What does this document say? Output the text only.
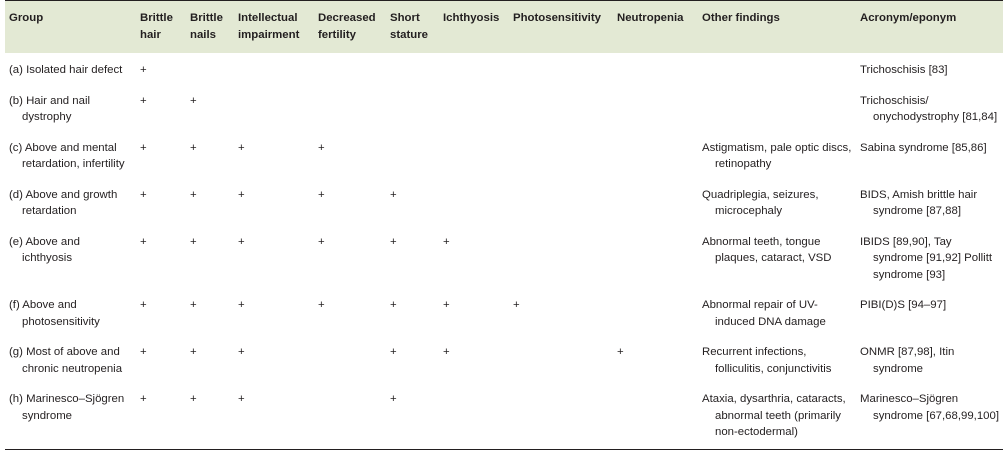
Group	Brittle hair	Brittle nails	Intellectual impairment	Decreased fertility	Short stature	Ichthyosis	Photosensitivity	Neutropenia	Other findings	Acronym/eponym

(a) Isolated hair defect	+									Trichoschisis [83]

(b) Hair and nail dystrophy	+	+								Trichoschisis/ onychodystrophy [81,84]

(c) Above and mental retardation, infertility	+	+	+	+					Astigmatism, pale optic discs, retinopathy	Sabina syndrome [85,86]

(d) Above and growth retardation	+	+	+	+	+				Quadriplegia, seizures, microcephaly	BIDS, Amish brittle hair syndrome [87,88]

(e) Above and ichthyosis	+	+	+	+	+	+			Abnormal teeth, tongue plaques, cataract, VSD	IBIDS [89,90], Tay syndrome [91,92] Pollitt syndrome [93]

(f) Above and photosensitivity	+	+	+	+	+	+	+		Abnormal repair of UV-induced DNA damage	PIBI(D)S [94–97]

(g) Most of above and chronic neutropenia	+	+	+		+	+		+	Recurrent infections, folliculitis, conjunctivitis	ONMR [87,98], Itin syndrome

(h) Marinesco–Sjögren syndrome	+	+	+		+				Ataxia, dysarthria, cataracts, abnormal teeth (primarily non-ectodermal)	Marinesco–Sjögren syndrome [67,68,99,100]
